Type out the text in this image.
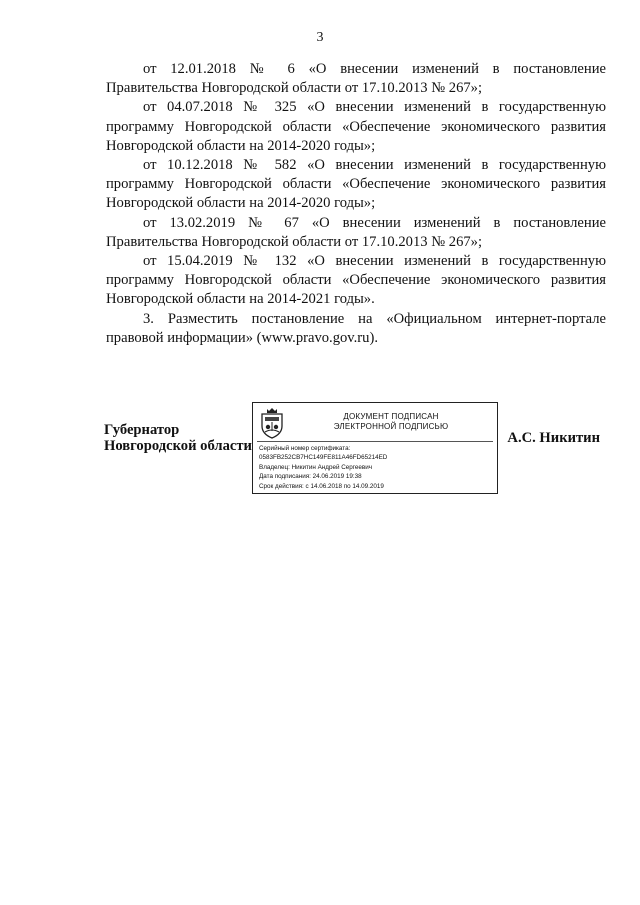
3

от 12.01.2018 № 6 «О внесении изменений в постановление Правительства Новгородской области от 17.10.2013 № 267»;

от 04.07.2018 № 325 «О внесении изменений в государственную программу Новгородской области «Обеспечение экономического развития Новгородской области на 2014-2020 годы»;

от 10.12.2018 № 582 «О внесении изменений в государственную программу Новгородской области «Обеспечение экономического развития Новгородской области на 2014-2020 годы»;

от 13.02.2019 № 67 «О внесении изменений в постановление Правительства Новгородской области от 17.10.2013 № 267»;

от 15.04.2019 № 132 «О внесении изменений в государственную программу Новгородской области «Обеспечение экономического развития Новгородской области на 2014-2021 годы».

3. Разместить постановление на «Официальном интернет-портале правовой информации» (www.pravo.gov.ru).

Губернатор
Новгородской области
ДОКУМЕНТ ПОДПИСАН
ЭЛЕКТРОННОЙ ПОДПИСЬЮ
Серийный номер сертификата:
0583FB252CB7HC149FE811A46FD65214ED
Владелец: Никитин Андрей Сергеевич
Дата подписания: 24.06.2019 19:38
Срок действия: с 14.06.2018 по 14.09.2019
А.С. Никитин
